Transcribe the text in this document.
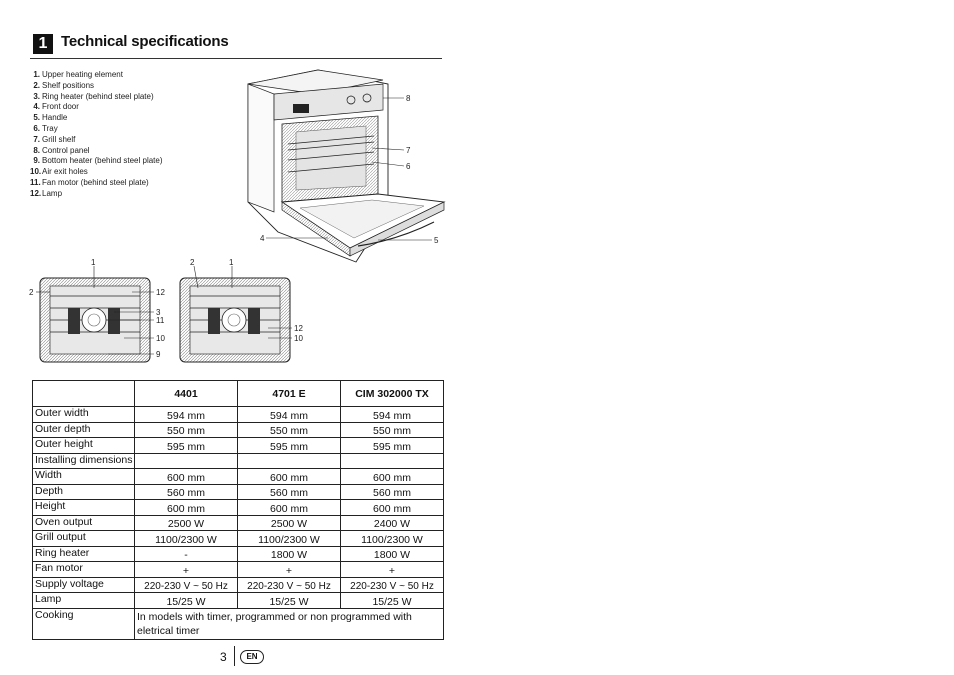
1 Technical specifications
1. Upper heating element
2. Shelf positions
3. Ring heater (behind steel plate)
4. Front door
5. Handle
6. Tray
7. Grill shelf
8. Control panel
9. Bottom heater (behind steel plate)
10.Air exit holes
11.Fan motor (behind steel plate)
12.Lamp
8
7
6
4	5
1
2	12
3
11
10
9
2	1
12
10
	4401	4701 E	CIM 302000 TX
Outer width	594 mm	594 mm	594 mm
Outer depth	550 mm	550 mm	550 mm
Outer height	595 mm	595 mm	595 mm
Installing dimensions			
Width	600 mm	600 mm	600 mm
Depth	560 mm	560 mm	560 mm
Height	600 mm	600 mm	600 mm
Oven output	2500 W	2500 W	2400 W
Grill output	1100/2300 W	1100/2300 W	1100/2300 W
Ring heater	-	1800 W	1800 W
Fan motor	+	+	+
Supply voltage	220-230 V ~ 50 Hz	220-230 V ~ 50 Hz	220-230 V ~ 50 Hz
Lamp	15/25 W	15/25 W	15/25 W
Cooking	In models with timer, programmed or non programmed with eletrical timer		
3	EN
